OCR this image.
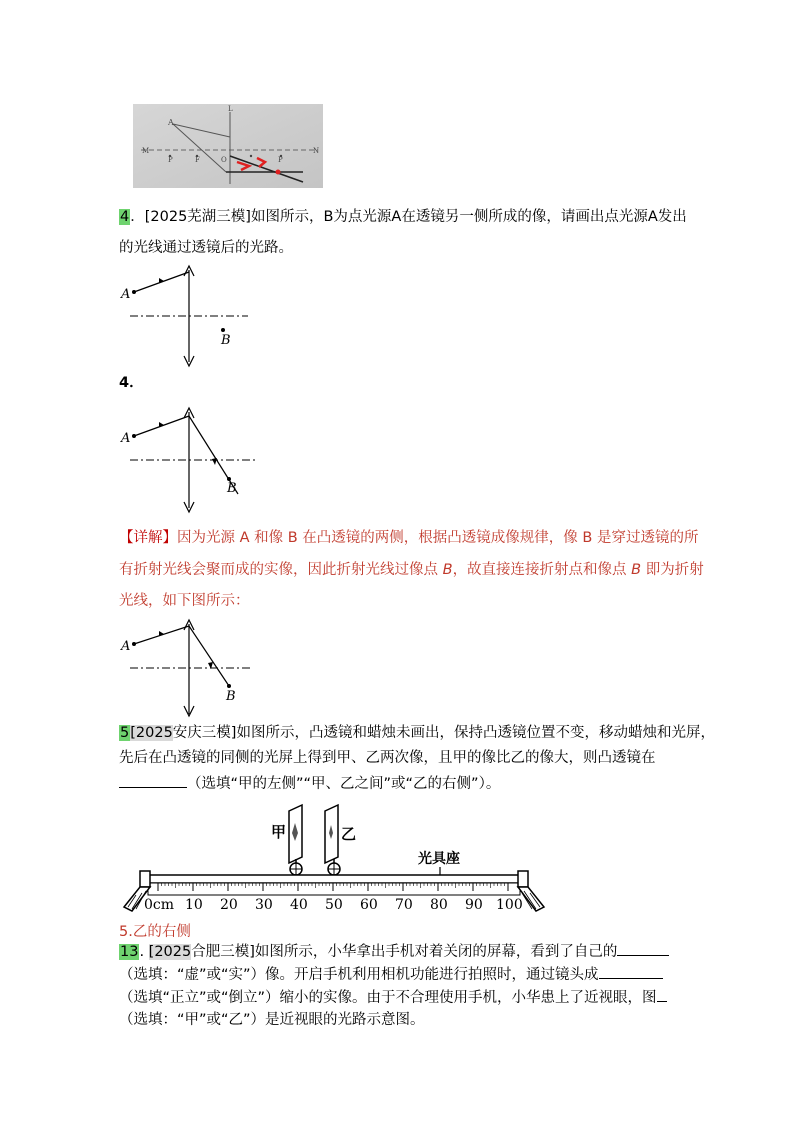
A
M	N
P	F	O
L
P
4．[2025芜湖三模]如图所示，B为点光源A在透镜另一侧所成的像，请画出点光源A发出
的光线通过透镜后的光路。
A
B
4．
A
B
【详解】因为光源 A 和像 B 在凸透镜的两侧，根据凸透镜成像规律，像 B 是穿过透镜的所
有折射光线会聚而成的实像，因此折射光线过像点 B，故直接连接折射点和像点 B 即为折射
光线，如下图所示：
A
B
5[2025安庆三模]如图所示，凸透镜和蜡烛未画出，保持凸透镜位置不变，移动蜡烛和光屏，
先后在凸透镜的同侧的光屏上得到甲、乙两次像，且甲的像比乙的像大，则凸透镜在
（选填“甲的左侧”“甲、乙之间”或“乙的右侧”）。
甲	乙
光具座
0cm 10 20 30 40 50 60 70 80 90 100
5.乙的右侧
13. [2025合肥三模]如图所示，小华拿出手机对着关闭的屏幕，看到了自己的
（选填：“虚”或“实”）像。开启手机利用相机功能进行拍照时，通过镜头成
（选填“正立”或“倒立”）缩小的实像。由于不合理使用手机，小华患上了近视眼，图
（选填：“甲”或“乙”）是近视眼的光路示意图。
